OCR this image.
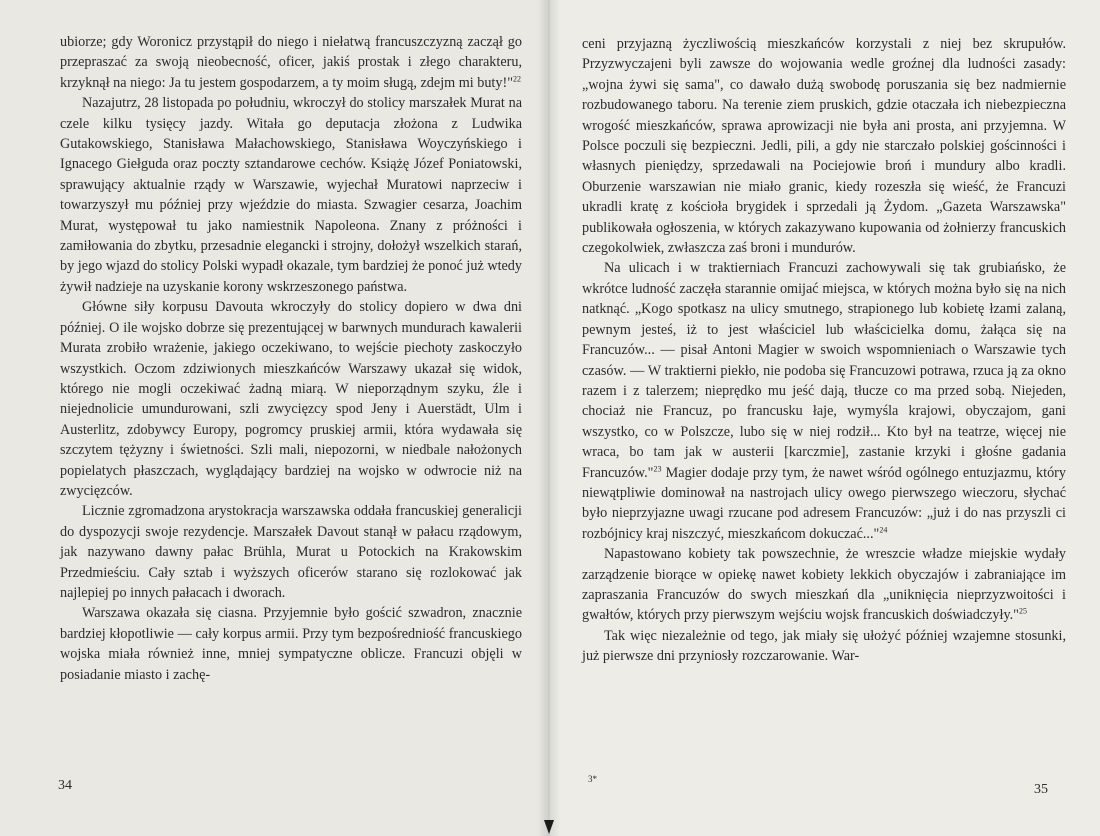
ubiorze; gdy Woronicz przystąpił do niego i niełatwą francuszczyzną zaczął go przepraszać za swoją nieobecność, oficer, jakiś prostak i złego charakteru, krzyknął na niego: Ja tu jestem gospodarzem, a ty moim sługą, zdejm mi buty!"$^{22}$

Nazajutrz, 28 listopada po południu, wkroczył do stolicy marszałek Murat na czele kilku tysięcy jazdy. Witała go deputacja złożona z Ludwika Gutakowskiego, Stanisława Małachowskiego, Stanisława Woyczyńskiego i Ignacego Giełguda oraz poczty sztandarowe cechów. Książę Józef Poniatowski, sprawujący aktualnie rządy w Warszawie, wyjechał Muratowi naprzeciw i towarzyszył mu później przy wjeździe do miasta. Szwagier cesarza, Joachim Murat, występował tu jako namiestnik Napoleona. Znany z próżności i zamiłowania do zbytku, przesadnie elegancki i strojny, dołożył wszelkich starań, by jego wjazd do stolicy Polski wypadł okazale, tym bardziej że ponoć już wtedy żywił nadzieje na uzyskanie korony wskrzeszonego państwa.

Główne siły korpusu Davouta wkroczyły do stolicy dopiero w dwa dni później. O ile wojsko dobrze się prezentującej w barwnych mundurach kawalerii Murata zrobiło wrażenie, jakiego oczekiwano, to wejście piechoty zaskoczyło wszystkich. Oczom zdziwionych mieszkańców Warszawy ukazał się widok, którego nie mogli oczekiwać żadną miarą. W nieporządnym szyku, źle i niejednolicie umundurowani, szli zwycięzcy spod Jeny i Auerstädt, Ulm i Austerlitz, zdobywcy Europy, pogromcy pruskiej armii, która wydawała się szczytem tężyzny i świetności. Szli mali, niepozorni, w niedbale nałożonych popielatych płaszczach, wyglądający bardziej na wojsko w odwrocie niż na zwycięzców.

Licznie zgromadzona arystokracja warszawska oddała francuskiej generalicji do dyspozycji swoje rezydencje. Marszałek Davout stanął w pałacu rządowym, jak nazywano dawny pałac Brühla, Murat u Potockich na Krakowskim Przedmieściu. Cały sztab i wyższych oficerów starano się rozlokować jak najlepiej po innych pałacach i dworach.

Warszawa okazała się ciasna. Przyjemnie było gościć szwadron, znacznie bardziej kłopotliwie — cały korpus armii. Przy tym bezpośredniość francuskiego wojska miała również inne, mniej sympatyczne oblicze. Francuzi objęli w posiadanie miasto i zachę-

34

ceni przyjazną życzliwością mieszkańców korzystali z niej bez skrupułów. Przyzwyczajeni byli zawsze do wojowania wedle groźnej dla ludności zasady: „wojna żywi się sama", co dawało dużą swobodę poruszania się bez nadmiernie rozbudowanego taboru. Na terenie ziem pruskich, gdzie otaczała ich niebezpieczna wrogość mieszkańców, sprawa aprowizacji nie była ani prosta, ani przyjemna. W Polsce poczuli się bezpieczni. Jedli, pili, a gdy nie starczało polskiej gościnności i własnych pieniędzy, sprzedawali na Pociejowie broń i mundury albo kradli. Oburzenie warszawian nie miało granic, kiedy rozeszła się wieść, że Francuzi ukradli kratę z kościoła brygidek i sprzedali ją Żydom. „Gazeta Warszawska" publikowała ogłoszenia, w których zakazywano kupowania od żołnierzy francuskich czegokolwiek, zwłaszcza zaś broni i mundurów.

Na ulicach i w traktierniach Francuzi zachowywali się tak grubiańsko, że wkrótce ludność zaczęła starannie omijać miejsca, w których można było się na nich natknąć. „Kogo spotkasz na ulicy smutnego, strapionego lub kobietę łzami zalaną, pewnym jesteś, iż to jest właściciel lub właścicielka domu, żałąca się na Francuzów... — pisał Antoni Magier w swoich wspomnieniach o Warszawie tych czasów. — W traktierni piekło, nie podoba się Francuzowi potrawa, rzuca ją za okno razem i z talerzem; nieprędko mu jeść dają, tłucze co ma przed sobą. Niejeden, chociaż nie Francuz, po francusku łaje, wymyśla krajowi, obyczajom, gani wszystko, co w Polszcze, lubo się w niej rodził... Kto był na teatrze, więcej nie wraca, bo tam jak w austerii [karczmie], zastanie krzyki i głośne gadania Francuzów."$^{23}$ Magier dodaje przy tym, że nawet wśród ogólnego entuzjazmu, który niewątpliwie dominował na nastrojach ulicy owego pierwszego wieczoru, słychać było nieprzyjazne uwagi rzucane pod adresem Francuzów: „już i do nas przyszli ci rozbójnicy kraj niszczyć, mieszkańcom dokuczać..."$^{24}$

Napastowano kobiety tak powszechnie, że wreszcie władze miejskie wydały zarządzenie biorące w opiekę nawet kobiety lekkich obyczajów i zabraniające im zapraszania Francuzów do swych mieszkań dla „uniknięcia nieprzyzwoitości i gwałtów, których przy pierwszym wejściu wojsk francuskich doświadczyły."$^{25}$

Tak więc niezależnie od tego, jak miały się ułożyć później wzajemne stosunki, już pierwsze dni przyniosły rozczarowanie. War-

3*
35
